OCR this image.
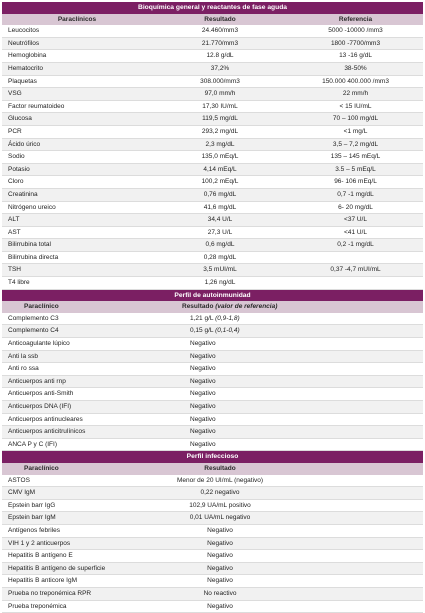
Bioquímica general y reactantes de fase aguda		
Paraclínicos	Resultado	Referencia
Leucocitos	24.460/mm3	5000 -10000 /mm3
Neutrófilos	21.770/mm3	1800 -7700/mm3
Hemoglobina	12.8 g/dL	13 -16 g/dL
Hematocrito	37,2%	38-50%
Plaquetas	308.000/mm3	150.000 400.000 /mm3
VSG	97,0 mm/h	22 mm/h
Factor reumatoideo	17,30 IU/mL	< 15 IU/mL
Glucosa	119,5 mg/dL	70 – 100 mg/dL
PCR	293,2 mg/dL	<1 mg/L
Ácido úrico	2,3 mg/dL	3,5 – 7,2 mg/dL
Sodio	135,0 mEq/L	135 – 145 mEq/L
Potasio	4,14 mEq/L	3.5 – 5 mEq/L
Cloro	100,2 mEq/L	96- 106 mEq/L
Creatinina	0,76 mg/dL	0,7 -1 mg/dL
Nitrógeno ureico	41,6 mg/dL	6- 20 mg/dL
ALT	34,4 U/L	<37 U/L
AST	27,3 U/L	<41 U/L
Bilirrubina total	0,6 mg/dL	0,2 -1 mg/dL
Bilirrubina directa	0,28 mg/dL	
TSH	3,5 mUI/mL	0,37 -4,7 mUI/mL
T4 libre	1,26 ng/dL	
Perfil de autoinmunidad		
Paraclínico	Resultado (valor de referencia)	
Complemento C3	1,21 g/L (0,9-1,8)	
Complemento C4	0,15 g/L (0,1-0,4)	
Anticoagulante lúpico	Negativo	
Anti la ssb	Negativo	
Anti ro ssa	Negativo	
Anticuerpos anti rnp	Negativo	
Anticuerpos anti-Smith	Negativo	
Anticuerpos DNA (IFI)	Negativo	
Anticuerpos antinucleares	Negativo	
Anticuerpos anticitrulínicos	Negativo	
ANCA P y C (IFI)	Negativo	
Perfil infeccioso		
Paraclínico	Resultado	
ASTOS	Menor de 20 UI/mL (negativo)	
CMV IgM	0,22 negativo	
Epstein barr IgG	102,9 UA/mL positivo	
Epstein barr IgM	0,01 UA/mL negativo	
Antígenos febriles	Negativo	
VIH 1 y 2 anticuerpos	Negativo	
Hepatitis B antígeno E	Negativo	
Hepatitis B antígeno de superficie	Negativo	
Hepatitis B anticore IgM	Negativo	
Prueba no treponémica RPR	No reactivo	
Prueba treponémica	Negativo	
